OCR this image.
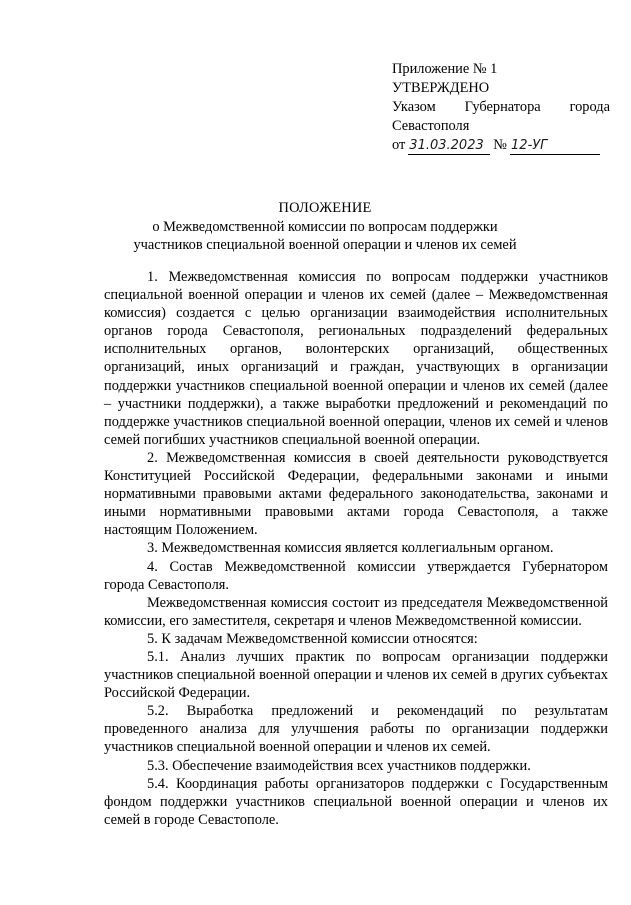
Приложение № 1
УТВЕРЖДЕНО
Указом Губернатора города
Севастополя
от 31.03.2023 № 12-УГ
ПОЛОЖЕНИЕ
о Межведомственной комиссии по вопросам поддержки
участников специальной военной операции и членов их семей

1. Межведомственная комиссия по вопросам поддержки участников специальной военной операции и членов их семей (далее – Межведомственная комиссия) создается с целью организации взаимодействия исполнительных органов города Севастополя, региональных подразделений федеральных исполнительных органов, волонтерских организаций, общественных организаций, иных организаций и граждан, участвующих в организации поддержки участников специальной военной операции и членов их семей (далее – участники поддержки), а также выработки предложений и рекомендаций по поддержке участников специальной военной операции, членов их семей и членов семей погибших участников специальной военной операции.

2. Межведомственная комиссия в своей деятельности руководствуется Конституцией Российской Федерации, федеральными законами и иными нормативными правовыми актами федерального законодательства, законами и иными нормативными правовыми актами города Севастополя, а также настоящим Положением.

3. Межведомственная комиссия является коллегиальным органом.

4. Состав Межведомственной комиссии утверждается Губернатором города Севастополя.

Межведомственная комиссия состоит из председателя Межведомственной комиссии, его заместителя, секретаря и членов Межведомственной комиссии.

5. К задачам Межведомственной комиссии относятся:

5.1. Анализ лучших практик по вопросам организации поддержки участников специальной военной операции и членов их семей в других субъектах Российской Федерации.

5.2. Выработка предложений и рекомендаций по результатам проведенного анализа для улучшения работы по организации поддержки участников специальной военной операции и членов их семей.

5.3. Обеспечение взаимодействия всех участников поддержки.

5.4. Координация работы организаторов поддержки с Государственным фондом поддержки участников специальной военной операции и членов их семей в городе Севастополе.
